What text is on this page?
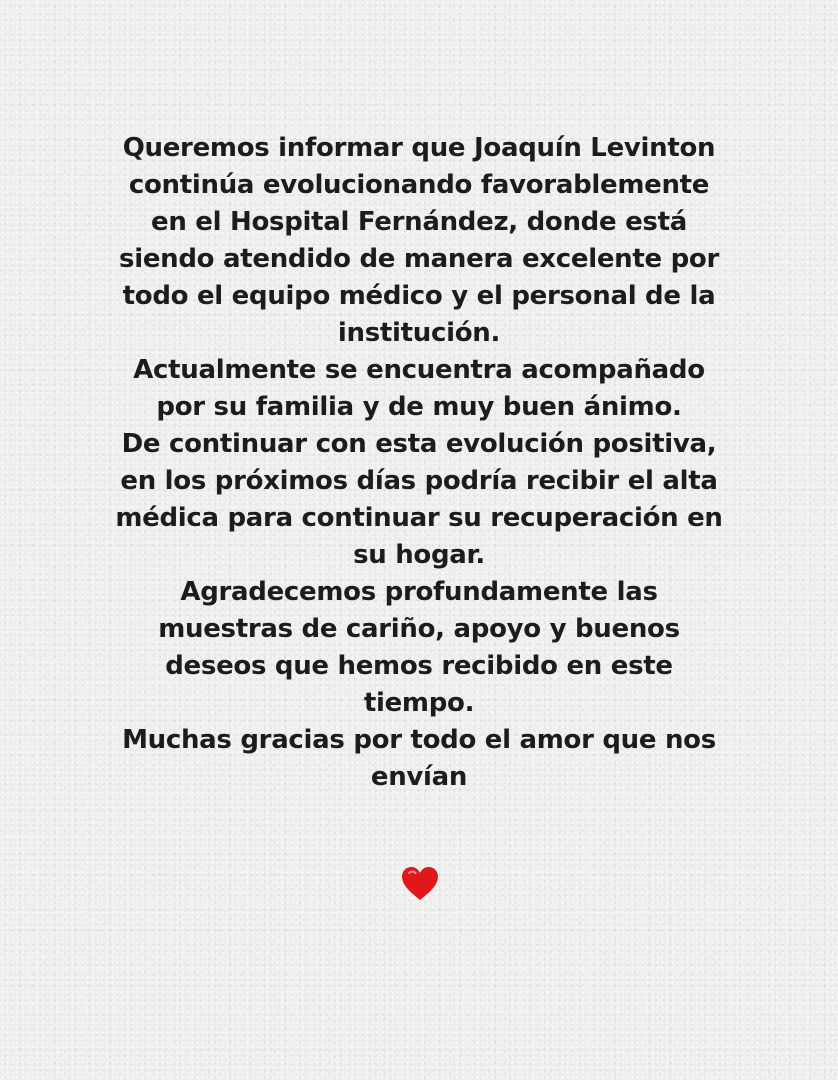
Queremos informar que Joaquín Levinton
continúa evolucionando favorablemente
en el Hospital Fernández, donde está
siendo atendido de manera excelente por
todo el equipo médico y el personal de la
institución.
Actualmente se encuentra acompañado
por su familia y de muy buen ánimo.
De continuar con esta evolución positiva,
en los próximos días podría recibir el alta
médica para continuar su recuperación en
su hogar.
Agradecemos profundamente las
muestras de cariño, apoyo y buenos
deseos que hemos recibido en este
tiempo.
Muchas gracias por todo el amor que nos
envían
